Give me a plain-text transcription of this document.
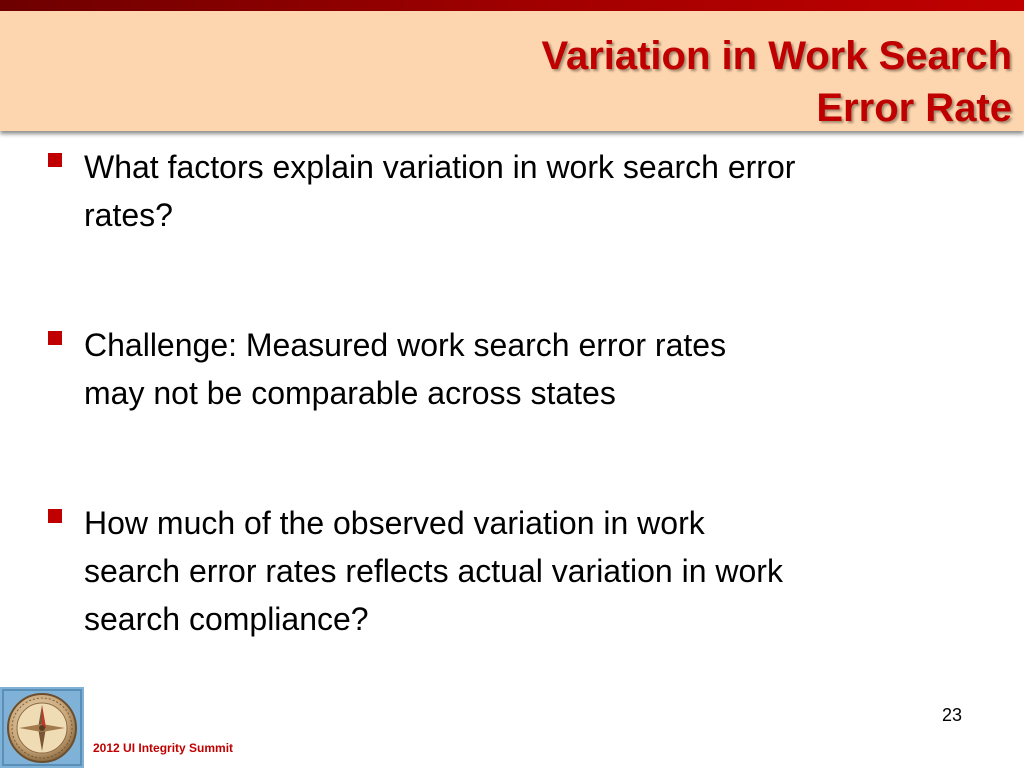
Variation in Work Search
Error Rate
What factors explain variation in work search error
rates?
Challenge: Measured work search error rates
may not be comparable across states
How much of the observed variation in work
search error rates reflects actual variation in work
search compliance?
23
2012 UI Integrity Summit
